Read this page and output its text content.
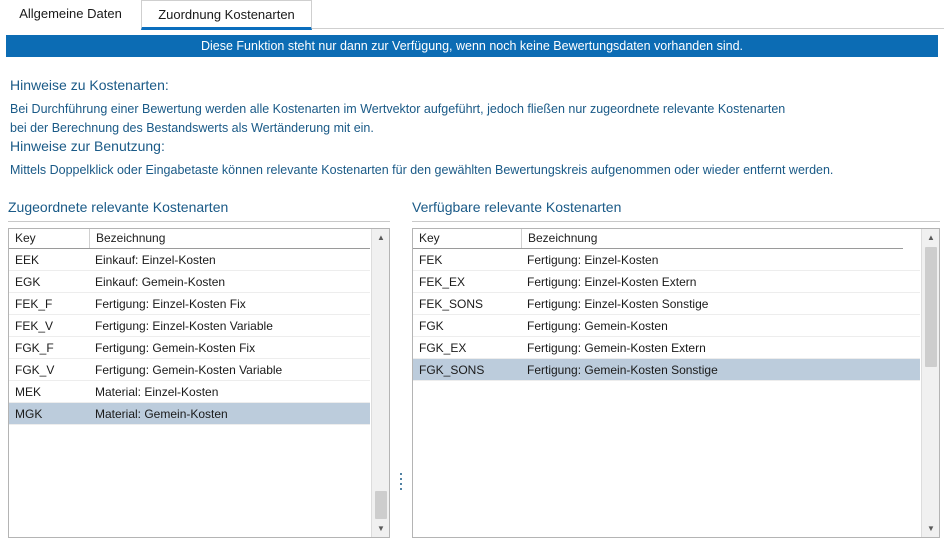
Allgemeine Daten	Zuordnung Kostenarten
Diese Funktion steht nur dann zur Verfügung, wenn noch keine Bewertungsdaten vorhanden sind.
Hinweise zu Kostenarten:
Bei Durchführung einer Bewertung werden alle Kostenarten im Wertvektor aufgeführt, jedoch fließen nur zugeordnete relevante Kostenarten
bei der Berechnung des Bestandswerts als Wertänderung mit ein.
Hinweise zur Benutzung:
Mittels Doppelklick oder Eingabetaste können relevante Kostenarten für den gewählten Bewertungskreis aufgenommen oder wieder entfernt werden.
Zugeordnete relevante Kostenarten	Verfügbare relevante Kostenarten
Key	Bezeichnung
EEK	Einkauf: Einzel-Kosten
EGK	Einkauf: Gemein-Kosten
FEK_F	Fertigung: Einzel-Kosten Fix
FEK_V	Fertigung: Einzel-Kosten Variable
FGK_F	Fertigung: Gemein-Kosten Fix
FGK_V	Fertigung: Gemein-Kosten Variable
MEK	Material: Einzel-Kosten
MGK	Material: Gemein-Kosten
▲
▼
Key	Bezeichnung
FEK	Fertigung: Einzel-Kosten
FEK_EX	Fertigung: Einzel-Kosten Extern
FEK_SONS	Fertigung: Einzel-Kosten Sonstige
FGK	Fertigung: Gemein-Kosten
FGK_EX	Fertigung: Gemein-Kosten Extern
FGK_SONS	Fertigung: Gemein-Kosten Sonstige
▲
▼
